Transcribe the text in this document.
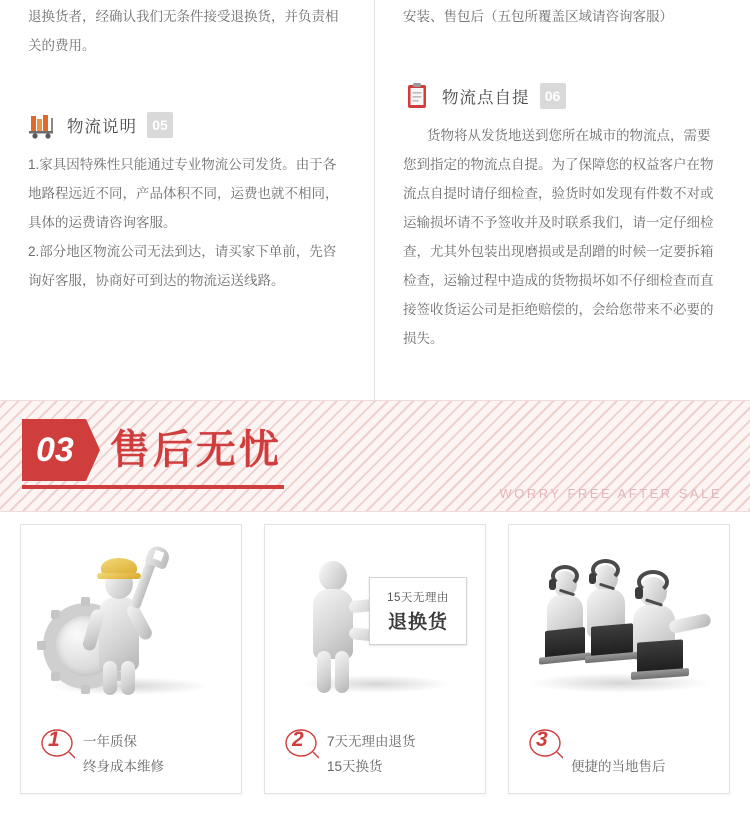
退换货者，经确认我们无条件接受退换货，并负责相关的费用。

物流说明	05

1.家具因特殊性只能通过专业物流公司发货。由于各地路程远近不同，产品体积不同，运费也就不相同，具体的运费请咨询客服。

2.部分地区物流公司无法到达，请买家下单前，先咨询好客服，协商好可到达的物流运送线路。

安装、售包后（五包所覆盖区域请咨询客服）

物流点自提	06

货物将从发货地送到您所在城市的物流点，需要您到指定的物流点自提。为了保障您的权益客户在物流点自提时请仔细检查，验货时如发现有件数不对或运输损坏请不予签收并及时联系我们，请一定仔细检查，尤其外包装出现磨损或是刮蹭的时候一定要拆箱检查，运输过程中造成的货物损坏如不仔细检查而直接签收货运公司是拒绝赔偿的，会给您带来不必要的损失。

03 售后无忧
WORRY FREE AFTER SALE
1 一年质保
终身成本维修
15天无理由
退换货
2 7天无理由退货
15天换货
3
便捷的当地售后
